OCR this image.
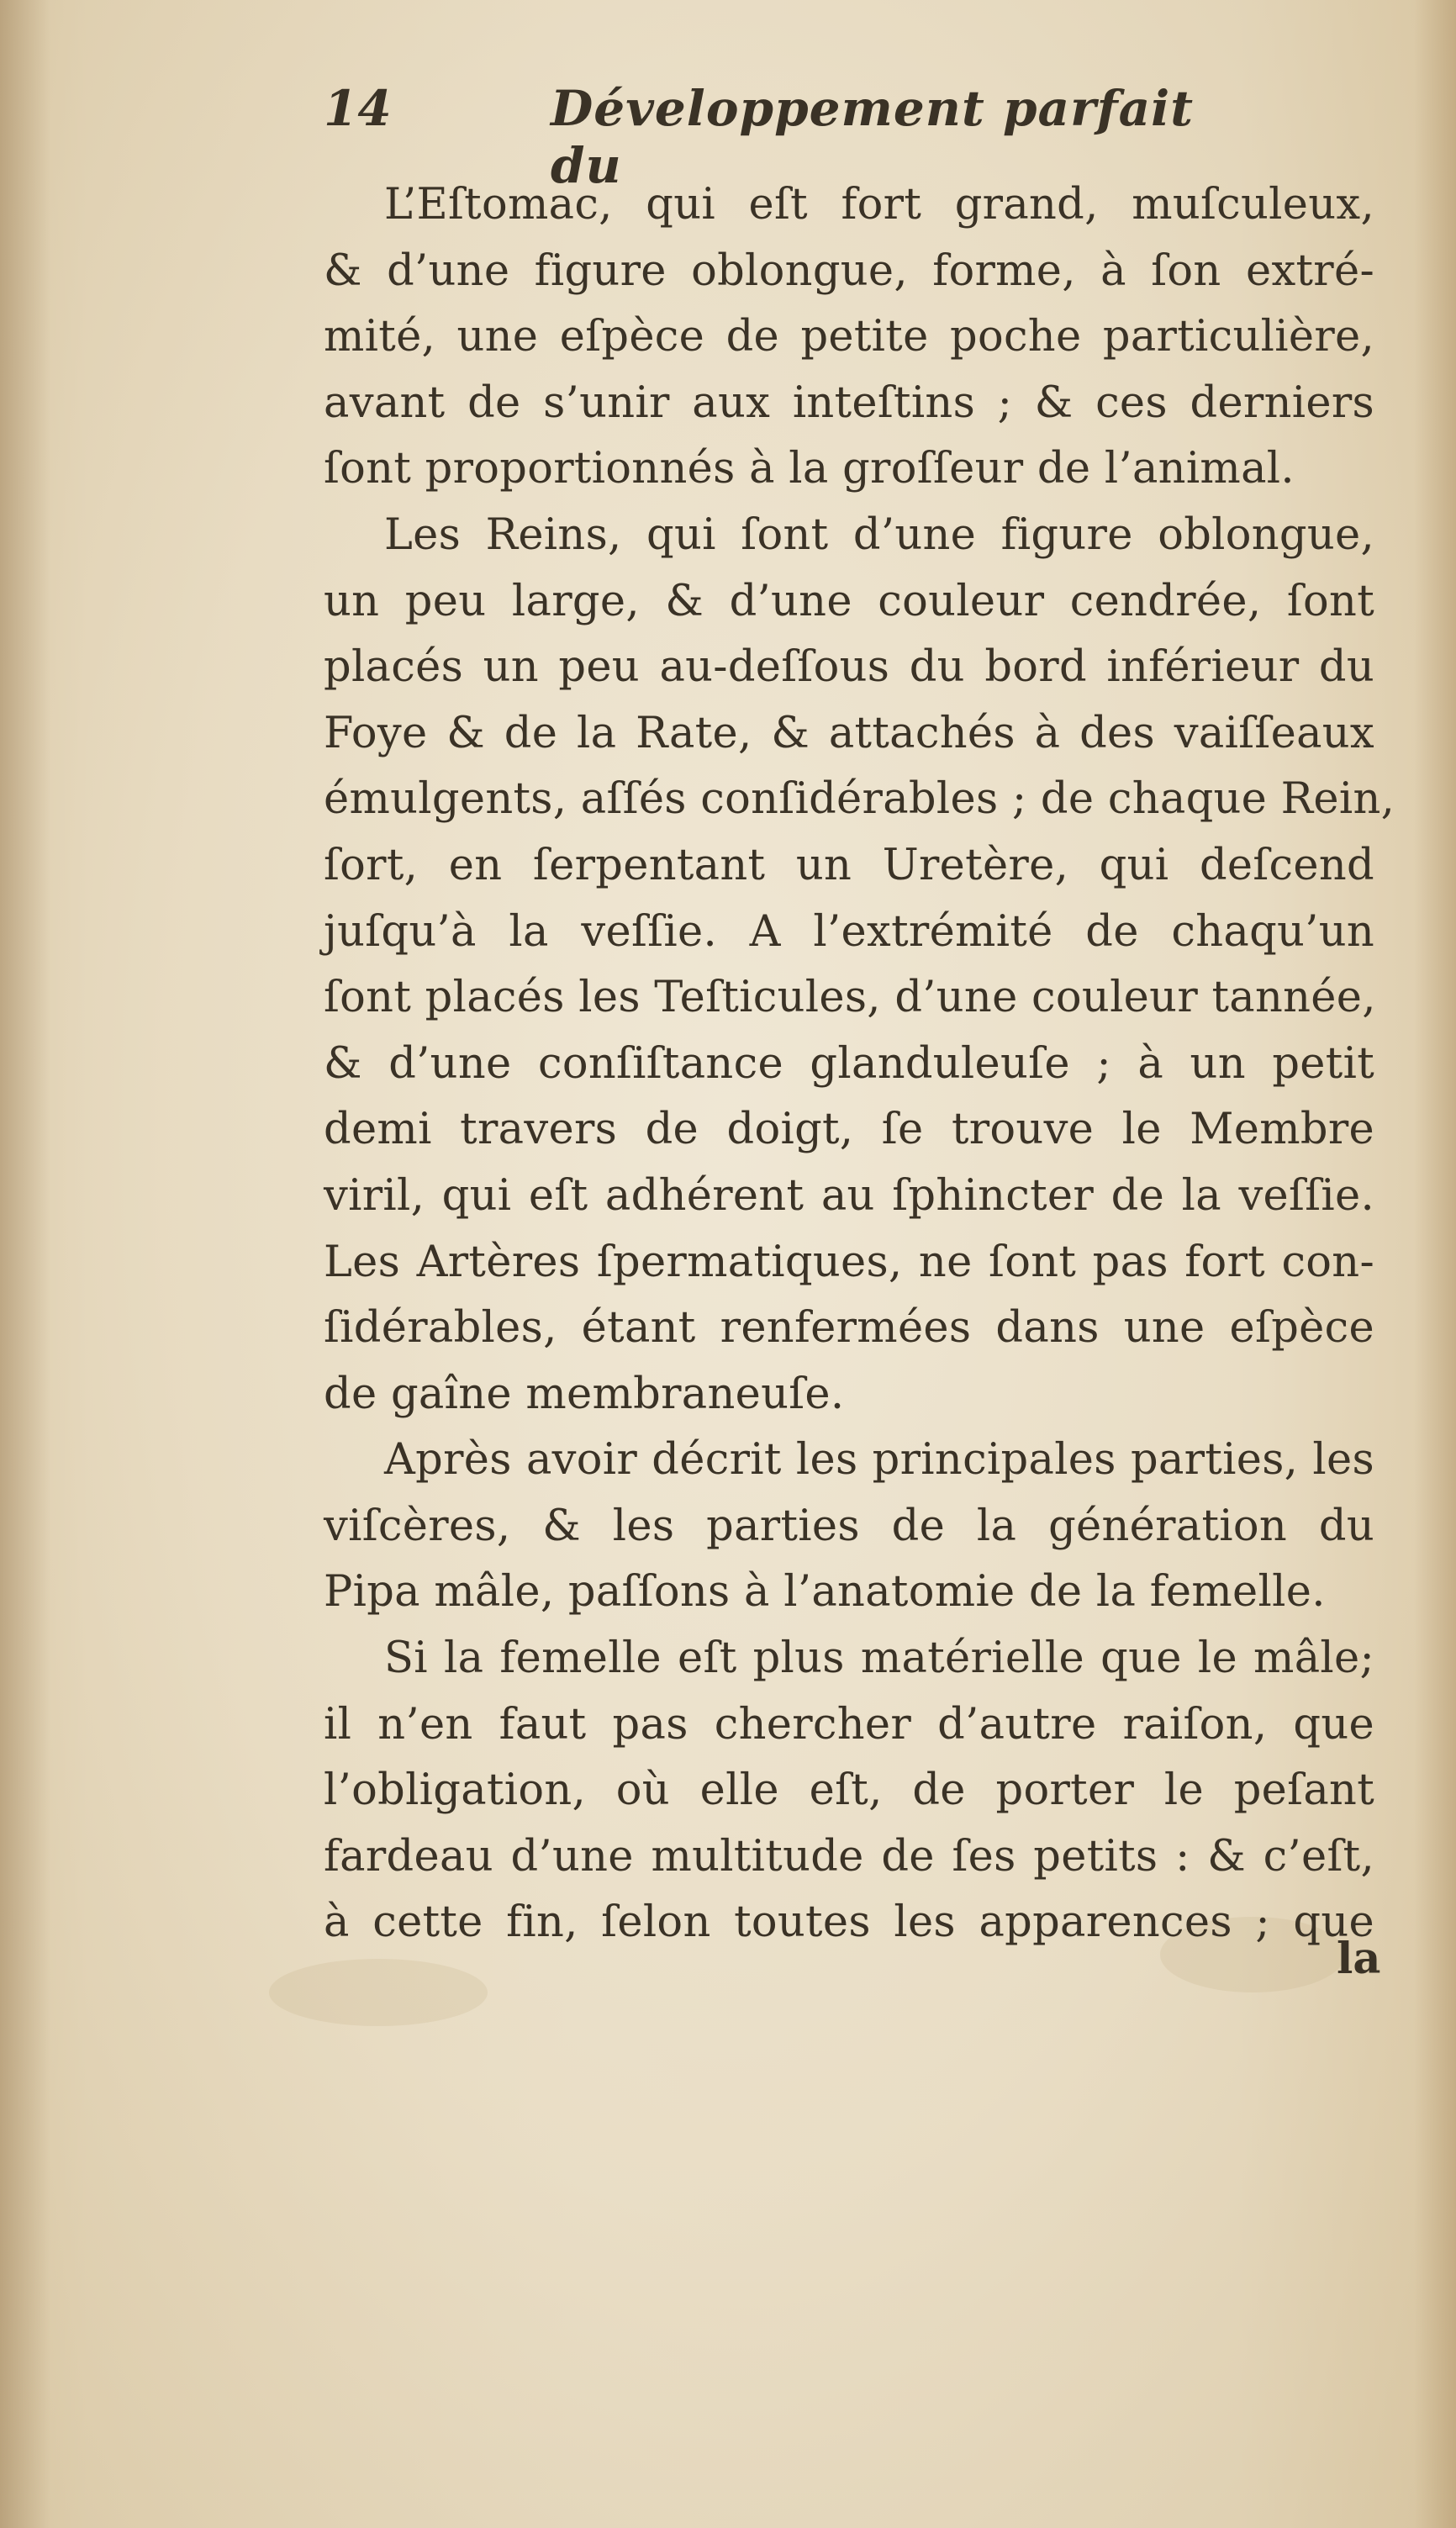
14	Développement parfait du
L’Eſtomac, qui eſt fort grand, muſculeux,
& d’une figure oblongue, forme, à ſon extré-
mité, une eſpèce de petite poche particulière,
avant de s’unir aux inteſtins ; & ces derniers
ſont proportionnés à la groſſeur de l’animal.
Les Reins, qui ſont d’une figure oblongue,
un peu large, & d’une couleur cendrée, ſont
placés un peu au-deſſous du bord inférieur du
Foye & de la Rate, & attachés à des vaiſſeaux
émulgents, aſſés conſidérables ; de chaque Rein,
ſort, en ſerpentant un Uretère, qui deſcend
juſqu’à la veſſie. A l’extrémité de chaqu’un
ſont placés les Teſticules, d’une couleur tannée,
& d’une conſiſtance glanduleuſe ; à un petit
demi travers de doigt, ſe trouve le Membre
viril, qui eſt adhérent au ſphincter de la veſſie.
Les Artères ſpermatiques, ne ſont pas fort con-
ſidérables, étant renfermées dans une eſpèce
de gaîne membraneuſe.
Après avoir décrit les principales parties, les
viſcères, & les parties de la génération du
Pipa mâle, paſſons à l’anatomie de la femelle.
Si la femelle eſt plus matérielle que le mâle;
il n’en faut pas chercher d’autre raiſon, que
l’obligation, où elle eſt, de porter le peſant
fardeau d’une multitude de ſes petits : & c’eſt,
à cette fin, ſelon toutes les apparences ; que
la
